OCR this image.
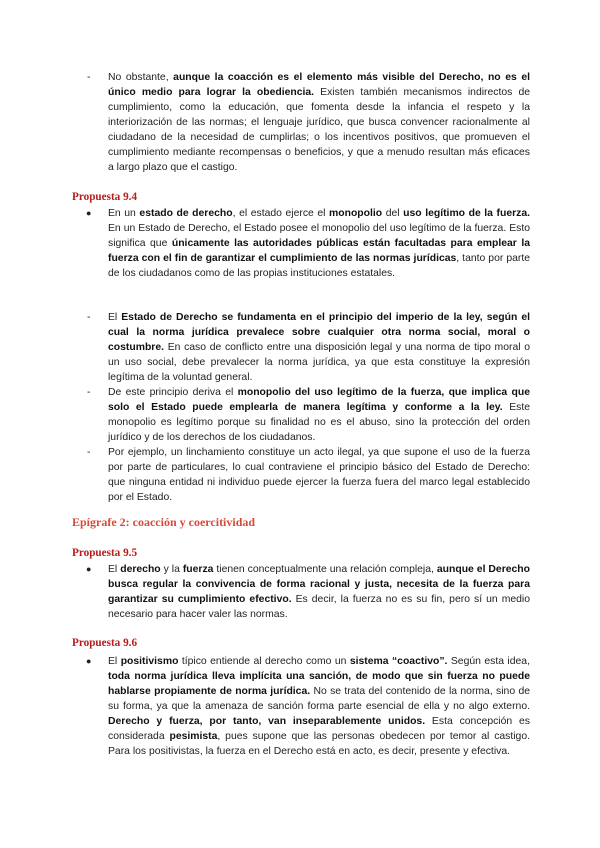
- No obstante, aunque la coacción es el elemento más visible del Derecho, no es el único medio para lograr la obediencia. Existen también mecanismos indirectos de cumplimiento, como la educación, que fomenta desde la infancia el respeto y la interiorización de las normas; el lenguaje jurídico, que busca convencer racionalmente al ciudadano de la necesidad de cumplirlas; o los incentivos positivos, que promueven el cumplimiento mediante recompensas o beneficios, y que a menudo resultan más eficaces a largo plazo que el castigo.
Propuesta 9.4
● En un estado de derecho, el estado ejerce el monopolio del uso legítimo de la fuerza. En un Estado de Derecho, el Estado posee el monopolio del uso legítimo de la fuerza. Esto significa que únicamente las autoridades públicas están facultadas para emplear la fuerza con el fin de garantizar el cumplimiento de las normas jurídicas, tanto por parte de los ciudadanos como de las propias instituciones estatales.
- El Estado de Derecho se fundamenta en el principio del imperio de la ley, según el cual la norma jurídica prevalece sobre cualquier otra norma social, moral o costumbre. En caso de conflicto entre una disposición legal y una norma de tipo moral o un uso social, debe prevalecer la norma jurídica, ya que esta constituye la expresión legítima de la voluntad general.
- De este principio deriva el monopolio del uso legítimo de la fuerza, que implica que solo el Estado puede emplearla de manera legítima y conforme a la ley. Este monopolio es legítimo porque su finalidad no es el abuso, sino la protección del orden jurídico y de los derechos de los ciudadanos.
- Por ejemplo, un linchamiento constituye un acto ilegal, ya que supone el uso de la fuerza por parte de particulares, lo cual contraviene el principio básico del Estado de Derecho: que ninguna entidad ni individuo puede ejercer la fuerza fuera del marco legal establecido por el Estado.
Epígrafe 2: coacción y coercitividad
Propuesta 9.5
● El derecho y la fuerza tienen conceptualmente una relación compleja, aunque el Derecho busca regular la convivencia de forma racional y justa, necesita de la fuerza para garantizar su cumplimiento efectivo. Es decir, la fuerza no es su fin, pero sí un medio necesario para hacer valer las normas.
Propuesta 9.6
● El positivismo típico entiende al derecho como un sistema “coactivo”. Según esta idea, toda norma jurídica lleva implícita una sanción, de modo que sin fuerza no puede hablarse propiamente de norma jurídica. No se trata del contenido de la norma, sino de su forma, ya que la amenaza de sanción forma parte esencial de ella y no algo externo. Derecho y fuerza, por tanto, van inseparablemente unidos. Esta concepción es considerada pesimista, pues supone que las personas obedecen por temor al castigo. Para los positivistas, la fuerza en el Derecho está en acto, es decir, presente y efectiva.
